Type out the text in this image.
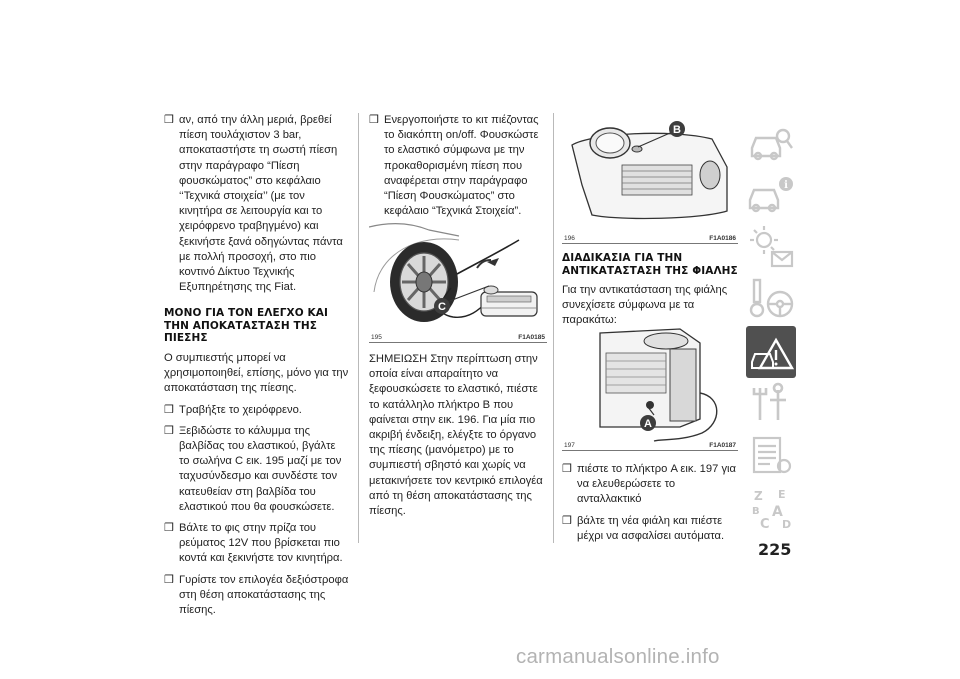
❒ αν, από την άλλη μεριά, βρεθεί πίεση τουλάχιστον 3 bar, αποκαταστήστε τη σωστή πίεση στην παράγραφο “Πίεση φουσκώματος” στο κεφάλαιο ‘‘Τεχνικά στοιχεία’’ (με τον κινητήρα σε λειτουργία και το χειρόφρενο τραβηγμένο) και ξεκινήστε ξανά οδηγώντας πάντα με πολλή προσοχή, στο πιο κοντινό Δίκτυο Τεχνικής Εξυπηρέτησης της Fiat.
ΜΟΝΟ ΓΙΑ ΤΟΝ ΕΛΕΓΧΟ ΚΑΙ ΤΗΝ ΑΠΟΚΑΤΑΣΤΑΣΗ ΤΗΣ ΠΙΕΣΗΣ

Ο συμπιεστής μπορεί να χρησιμοποιηθεί, επίσης, μόνο για την αποκατάσταση της πίεσης.

❒ Τραβήξτε το χειρόφρενο.
❒ Ξεβιδώστε το κάλυμμα της βαλβίδας του ελαστικού, βγάλτε το σωλήνα C εικ. 195 μαζί με τον ταχυσύνδεσμο και συνδέστε τον κατευθείαν στη βαλβίδα του ελαστικού που θα φουσκώσετε.
❒ Βάλτε το φις στην πρίζα του ρεύματος 12V που βρίσκεται πιο κοντά και ξεκινήστε τον κινητήρα.
❒ Γυρίστε τον επιλογέα δεξιόστροφα στη θέση αποκατάστασης της πίεσης.
❒ Ενεργοποιήστε το κιτ πιέζοντας το διακόπτη on/off. Φουσκώστε το ελαστικό σύμφωνα με την προκαθορισμένη πίεση που αναφέρεται στην παράγραφο “Πίεση Φουσκώματος” στο κεφάλαιο “Τεχνικά Στοιχεία”.
C
195	F1A0185

ΣΗΜΕΙΩΣΗ Στην περίπτωση στην οποία είναι απαραίτητο να ξεφουσκώσετε το ελαστικό, πιέστε το κατάλληλο πλήκτρο B που φαίνεται στην εικ. 196. Για μία πιο ακριβή ένδειξη, ελέγξτε το όργανο της πίεσης (μανόμετρο) με το συμπιεστή σβηστό και χωρίς να μετακινήσετε τον κεντρικό επιλογέα από τη θέση αποκατάστασης της πίεσης.

B
196	F1A0186
ΔΙΑΔΙΚΑΣΙΑ ΓΙΑ ΤΗΝ ΑΝΤΙΚΑΤΑΣΤΑΣΗ ΤΗΣ ΦΙΑΛΗΣ

Για την αντικατάσταση της φιάλης συνεχίσετε σύμφωνα με τα παρακάτω:

A
197	F1A0187
❒ πιέστε το πλήκτρο A εικ. 197 για να ελευθερώσετε το ανταλλακτικό
❒ βάλτε τη νέα φιάλη και πιέστε μέχρι να ασφαλίσει αυτόματα.
i
Z E
B A
C D
225
carmanualsonline.info
